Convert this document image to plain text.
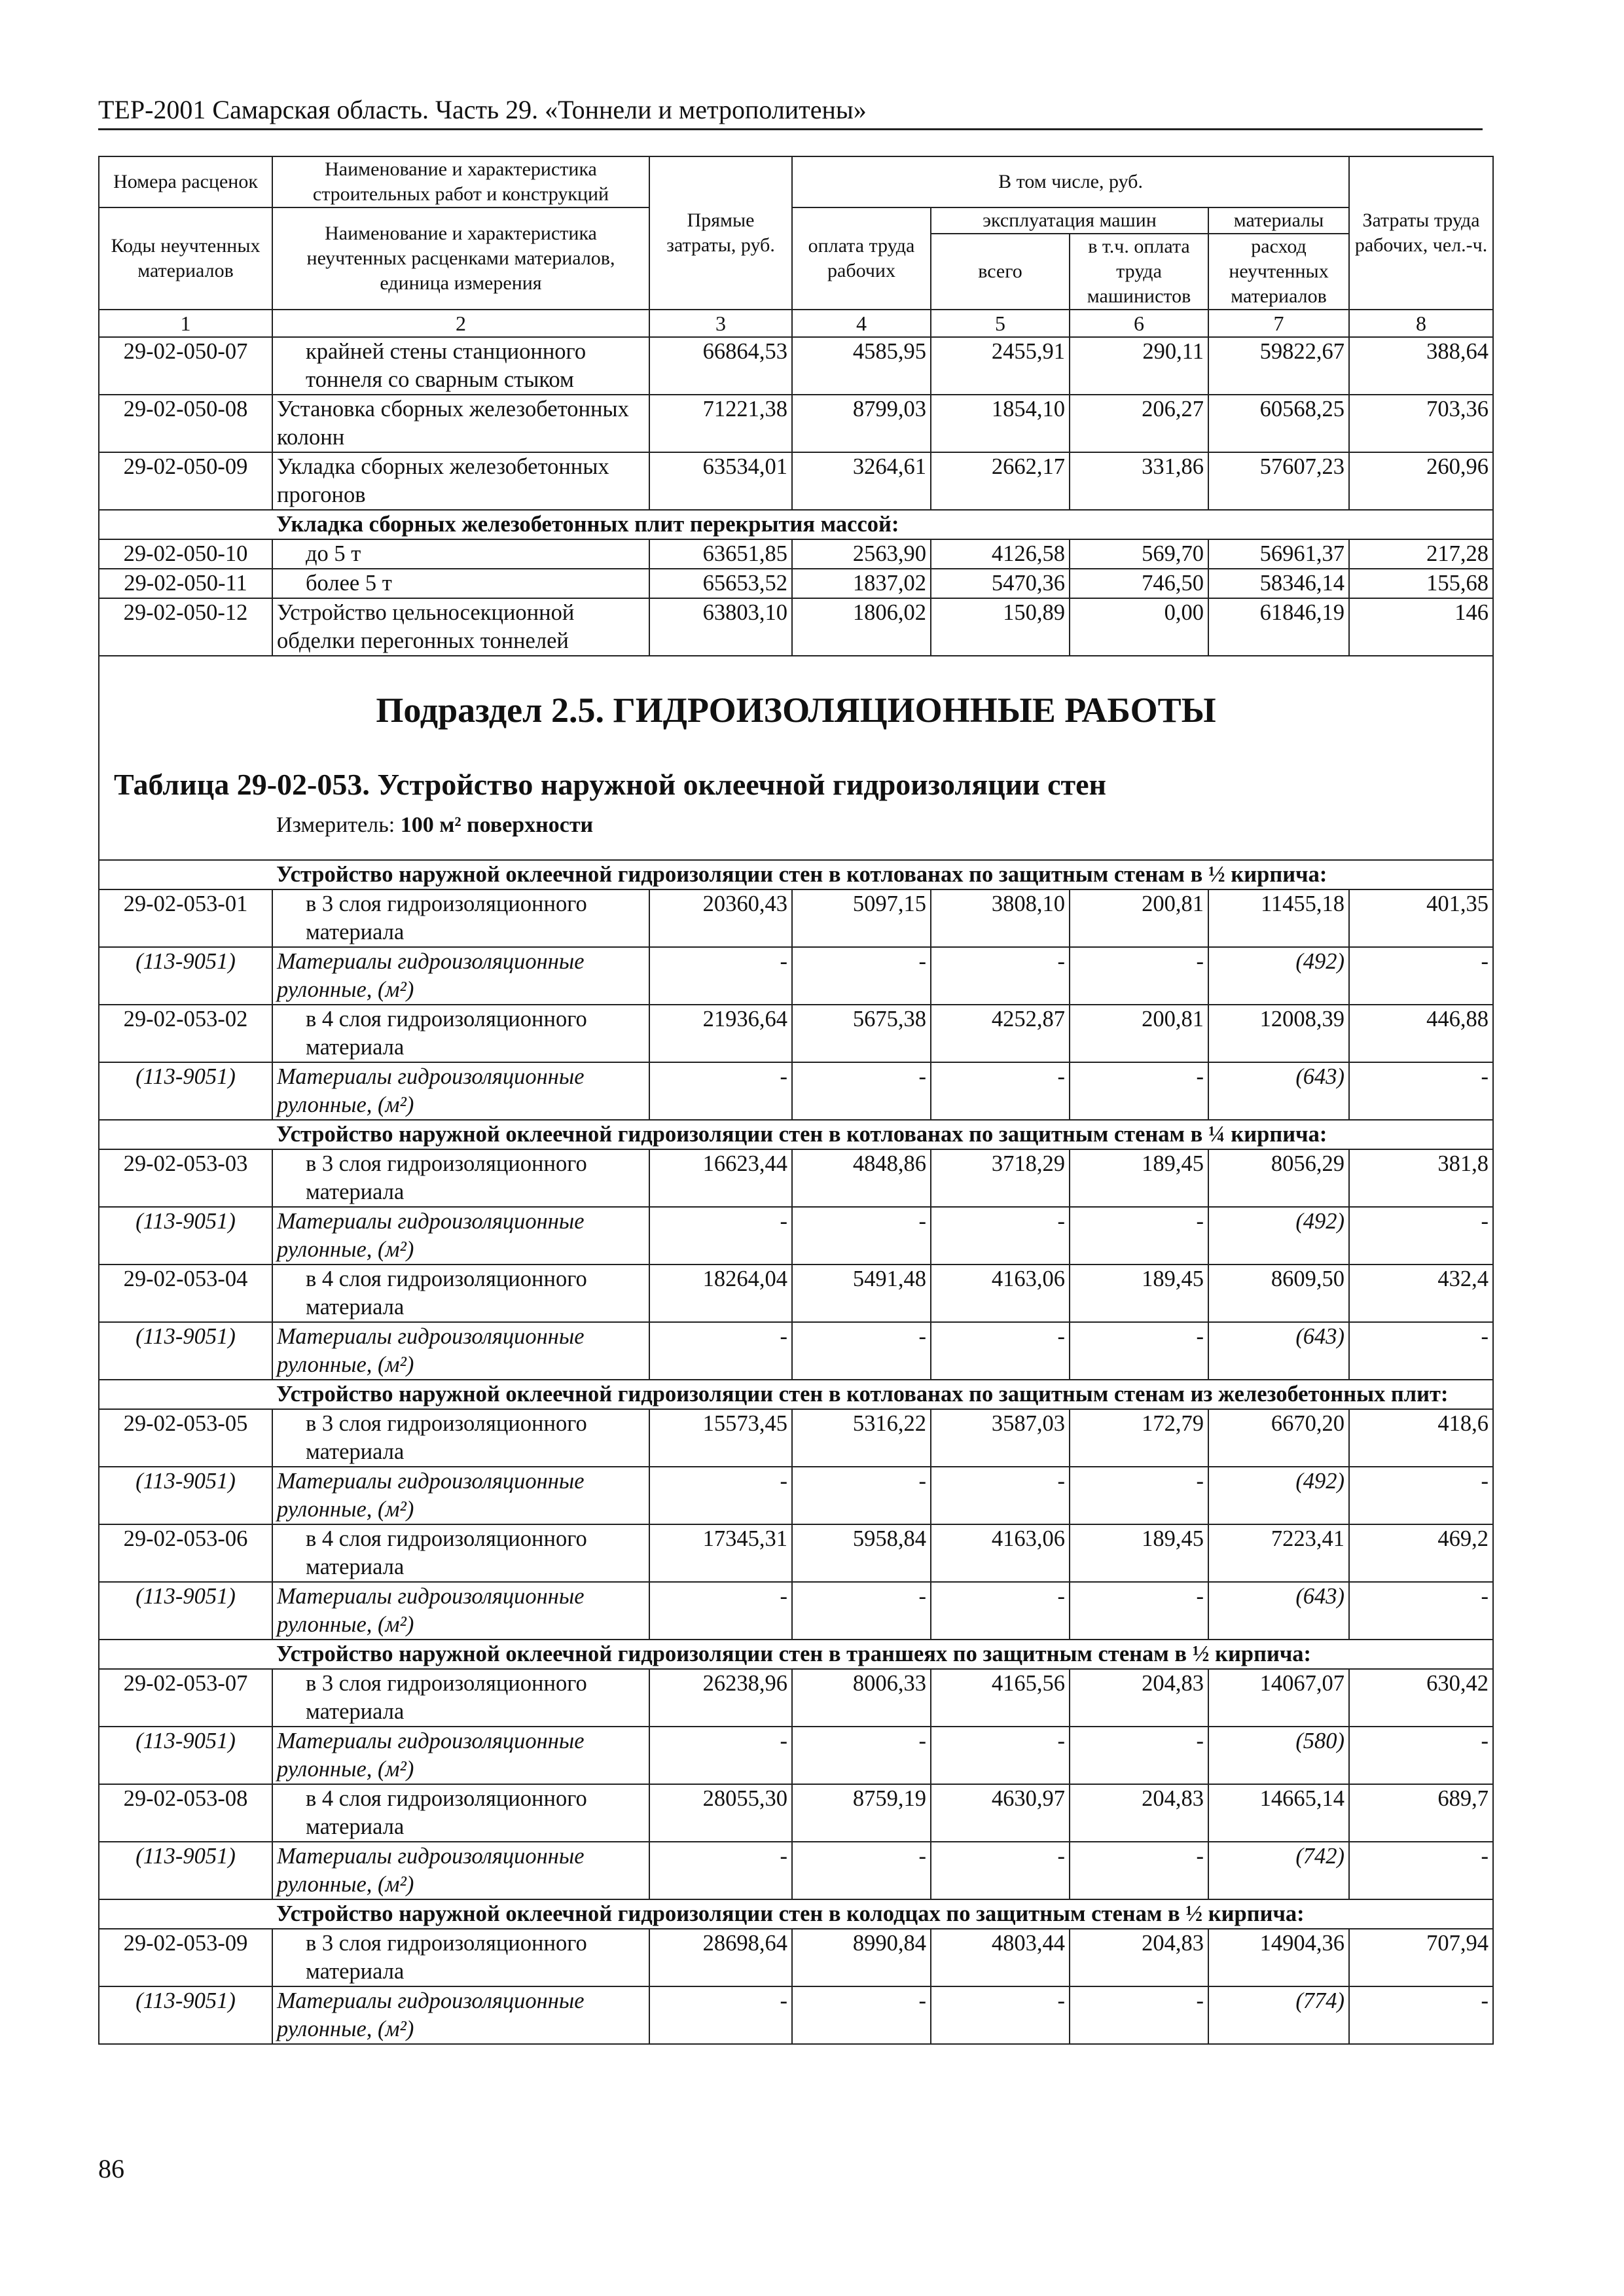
ТЕР-2001 Самарская область. Часть 29. «Тоннели и метрополитены»
Номера расценок	Наименование и характеристика строительных работ и конструкций	Прямые затраты, руб.	В том числе, руб.				Затраты труда рабочих, чел.-ч.
Коды неучтенных материалов	Наименование и характеристика неучтенных расценками материалов, единица измерения		оплата труда рабочих	эксплуатация машин		материалы	
				всего	в т.ч. оплата труда машинистов	расход неучтенных материалов	
1	2	3	4	5	6	7	8
29-02-050-07	крайней стены станционного тоннеля со сварным стыком	66864,53	4585,95	2455,91	290,11	59822,67	388,64
29-02-050-08	Установка сборных железобетонных колонн	71221,38	8799,03	1854,10	206,27	60568,25	703,36
29-02-050-09	Укладка сборных железобетонных прогонов	63534,01	3264,61	2662,17	331,86	57607,23	260,96
Укладка сборных железобетонных плит перекрытия массой:							
29-02-050-10	до 5 т	63651,85	2563,90	4126,58	569,70	56961,37	217,28
29-02-050-11	более 5 т	65653,52	1837,02	5470,36	746,50	58346,14	155,68
29-02-050-12	Устройство цельносекционной обделки перегонных тоннелей	63803,10	1806,02	150,89	0,00	61846,19	146

Подраздел 2.5. ГИДРОИЗОЛЯЦИОННЫЕ РАБОТЫ
Таблица 29-02-053. Устройство наружной оклеечной гидроизоляции стен
Измеритель: 100 м² поверхности							

Устройство наружной оклеечной гидроизоляции стен в котлованах по защитным стенам в ½ кирпича:							
29-02-053-01	в 3 слоя гидроизоляционного материала	20360,43	5097,15	3808,10	200,81	11455,18	401,35
(113-9051)	Материалы гидроизоляционные рулонные, (м²)	-	-	-	-	(492)	-
29-02-053-02	в 4 слоя гидроизоляционного материала	21936,64	5675,38	4252,87	200,81	12008,39	446,88
(113-9051)	Материалы гидроизоляционные рулонные, (м²)	-	-	-	-	(643)	-
Устройство наружной оклеечной гидроизоляции стен в котлованах по защитным стенам в ¼ кирпича:							
29-02-053-03	в 3 слоя гидроизоляционного материала	16623,44	4848,86	3718,29	189,45	8056,29	381,8
(113-9051)	Материалы гидроизоляционные рулонные, (м²)	-	-	-	-	(492)	-
29-02-053-04	в 4 слоя гидроизоляционного материала	18264,04	5491,48	4163,06	189,45	8609,50	432,4
(113-9051)	Материалы гидроизоляционные рулонные, (м²)	-	-	-	-	(643)	-
Устройство наружной оклеечной гидроизоляции стен в котлованах по защитным стенам из железобетонных плит:							
29-02-053-05	в 3 слоя гидроизоляционного материала	15573,45	5316,22	3587,03	172,79	6670,20	418,6
(113-9051)	Материалы гидроизоляционные рулонные, (м²)	-	-	-	-	(492)	-
29-02-053-06	в 4 слоя гидроизоляционного материала	17345,31	5958,84	4163,06	189,45	7223,41	469,2
(113-9051)	Материалы гидроизоляционные рулонные, (м²)	-	-	-	-	(643)	-
Устройство наружной оклеечной гидроизоляции стен в траншеях по защитным стенам в ½ кирпича:							
29-02-053-07	в 3 слоя гидроизоляционного материала	26238,96	8006,33	4165,56	204,83	14067,07	630,42
(113-9051)	Материалы гидроизоляционные рулонные, (м²)	-	-	-	-	(580)	-
29-02-053-08	в 4 слоя гидроизоляционного материала	28055,30	8759,19	4630,97	204,83	14665,14	689,7
(113-9051)	Материалы гидроизоляционные рулонные, (м²)	-	-	-	-	(742)	-
Устройство наружной оклеечной гидроизоляции стен в колодцах по защитным стенам в ½ кирпича:							
29-02-053-09	в 3 слоя гидроизоляционного материала	28698,64	8990,84	4803,44	204,83	14904,36	707,94
(113-9051)	Материалы гидроизоляционные рулонные, (м²)	-	-	-	-	(774)	-
86
